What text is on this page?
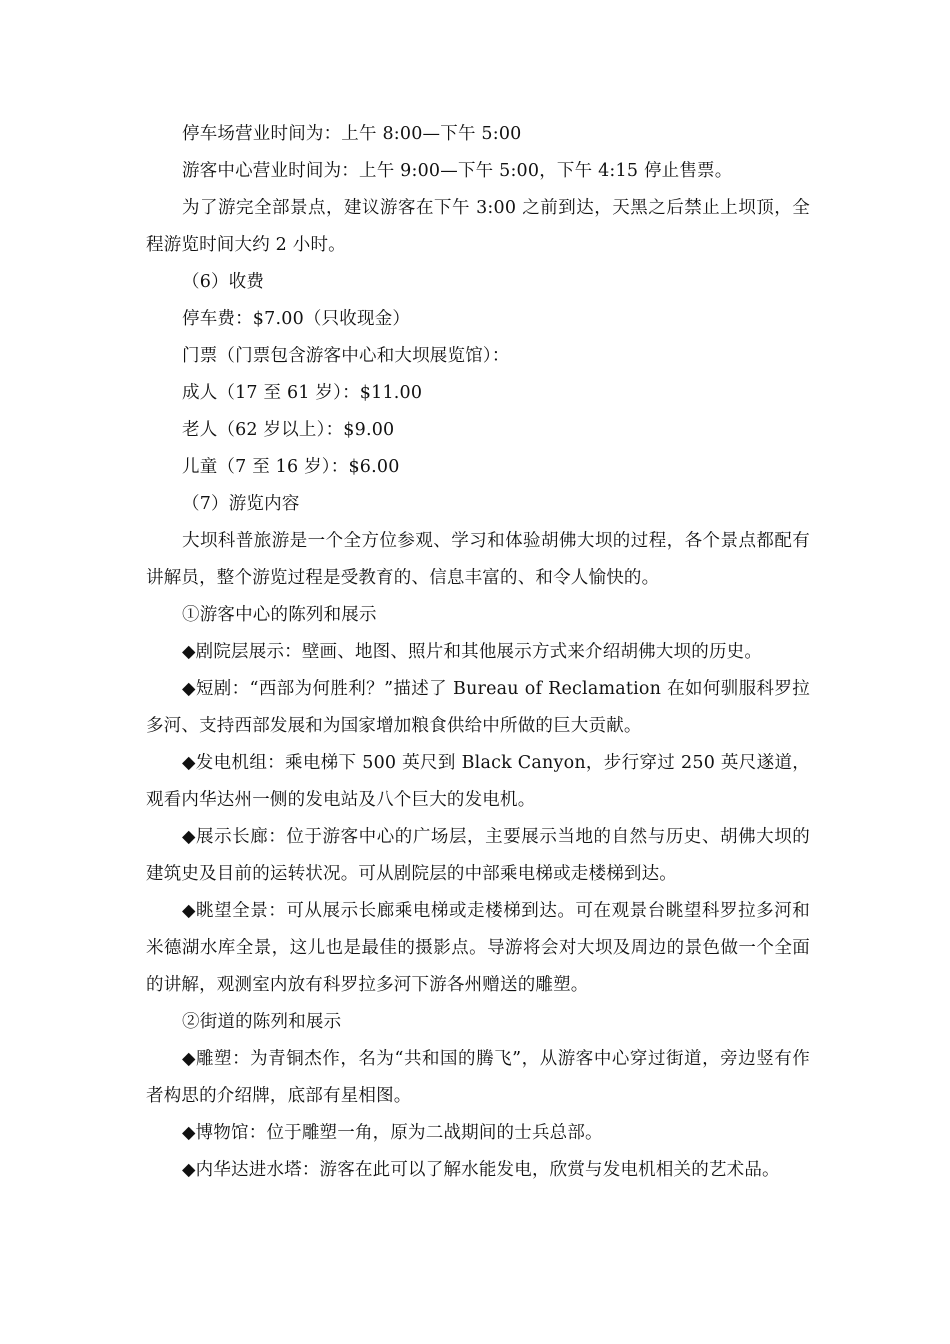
停车场营业时间为：上午 8:00—下午 5:00

游客中心营业时间为：上午 9:00—下午 5:00，下午 4:15 停止售票。

为了游完全部景点，建议游客在下午 3:00 之前到达，天黑之后禁止上坝顶，全程游览时间大约 2 小时。

（6）收费

停车费：$7.00（只收现金）

门票（门票包含游客中心和大坝展览馆）：

成人（17 至 61 岁）：$11.00

老人（62 岁以上）：$9.00

儿童（7 至 16 岁）：$6.00

（7）游览内容

大坝科普旅游是一个全方位参观、学习和体验胡佛大坝的过程，各个景点都配有讲解员，整个游览过程是受教育的、信息丰富的、和令人愉快的。

①游客中心的陈列和展示

◆剧院层展示：壁画、地图、照片和其他展示方式来介绍胡佛大坝的历史。

◆短剧：“西部为何胜利？”描述了 Bureau of Reclamation 在如何驯服科罗拉多河、支持西部发展和为国家增加粮食供给中所做的巨大贡献。

◆发电机组：乘电梯下 500 英尺到 Black Canyon，步行穿过 250 英尺遂道，观看内华达州一侧的发电站及八个巨大的发电机。

◆展示长廊：位于游客中心的广场层，主要展示当地的自然与历史、胡佛大坝的建筑史及目前的运转状况。可从剧院层的中部乘电梯或走楼梯到达。

◆眺望全景：可从展示长廊乘电梯或走楼梯到达。可在观景台眺望科罗拉多河和米德湖水库全景，这儿也是最佳的摄影点。导游将会对大坝及周边的景色做一个全面的讲解，观测室内放有科罗拉多河下游各州赠送的雕塑。

②街道的陈列和展示

◆雕塑：为青铜杰作，名为“共和国的腾飞”，从游客中心穿过街道，旁边竖有作者构思的介绍牌，底部有星相图。

◆博物馆：位于雕塑一角，原为二战期间的士兵总部。

◆内华达进水塔：游客在此可以了解水能发电，欣赏与发电机相关的艺术品。
